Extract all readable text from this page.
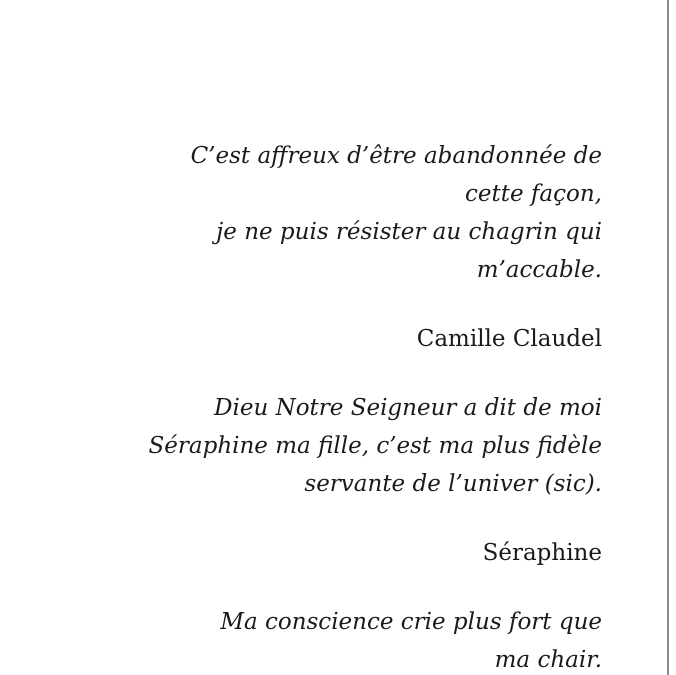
C’est affreux d’être abandonnée de
cette façon,
je ne puis résister au chagrin qui
m’accable.
Camille Claudel
Dieu Notre Seigneur a dit de moi
Séraphine ma fille, c’est ma plus fidèle
servante de l’univer (sic).
Séraphine
Ma conscience crie plus fort que
ma chair.
